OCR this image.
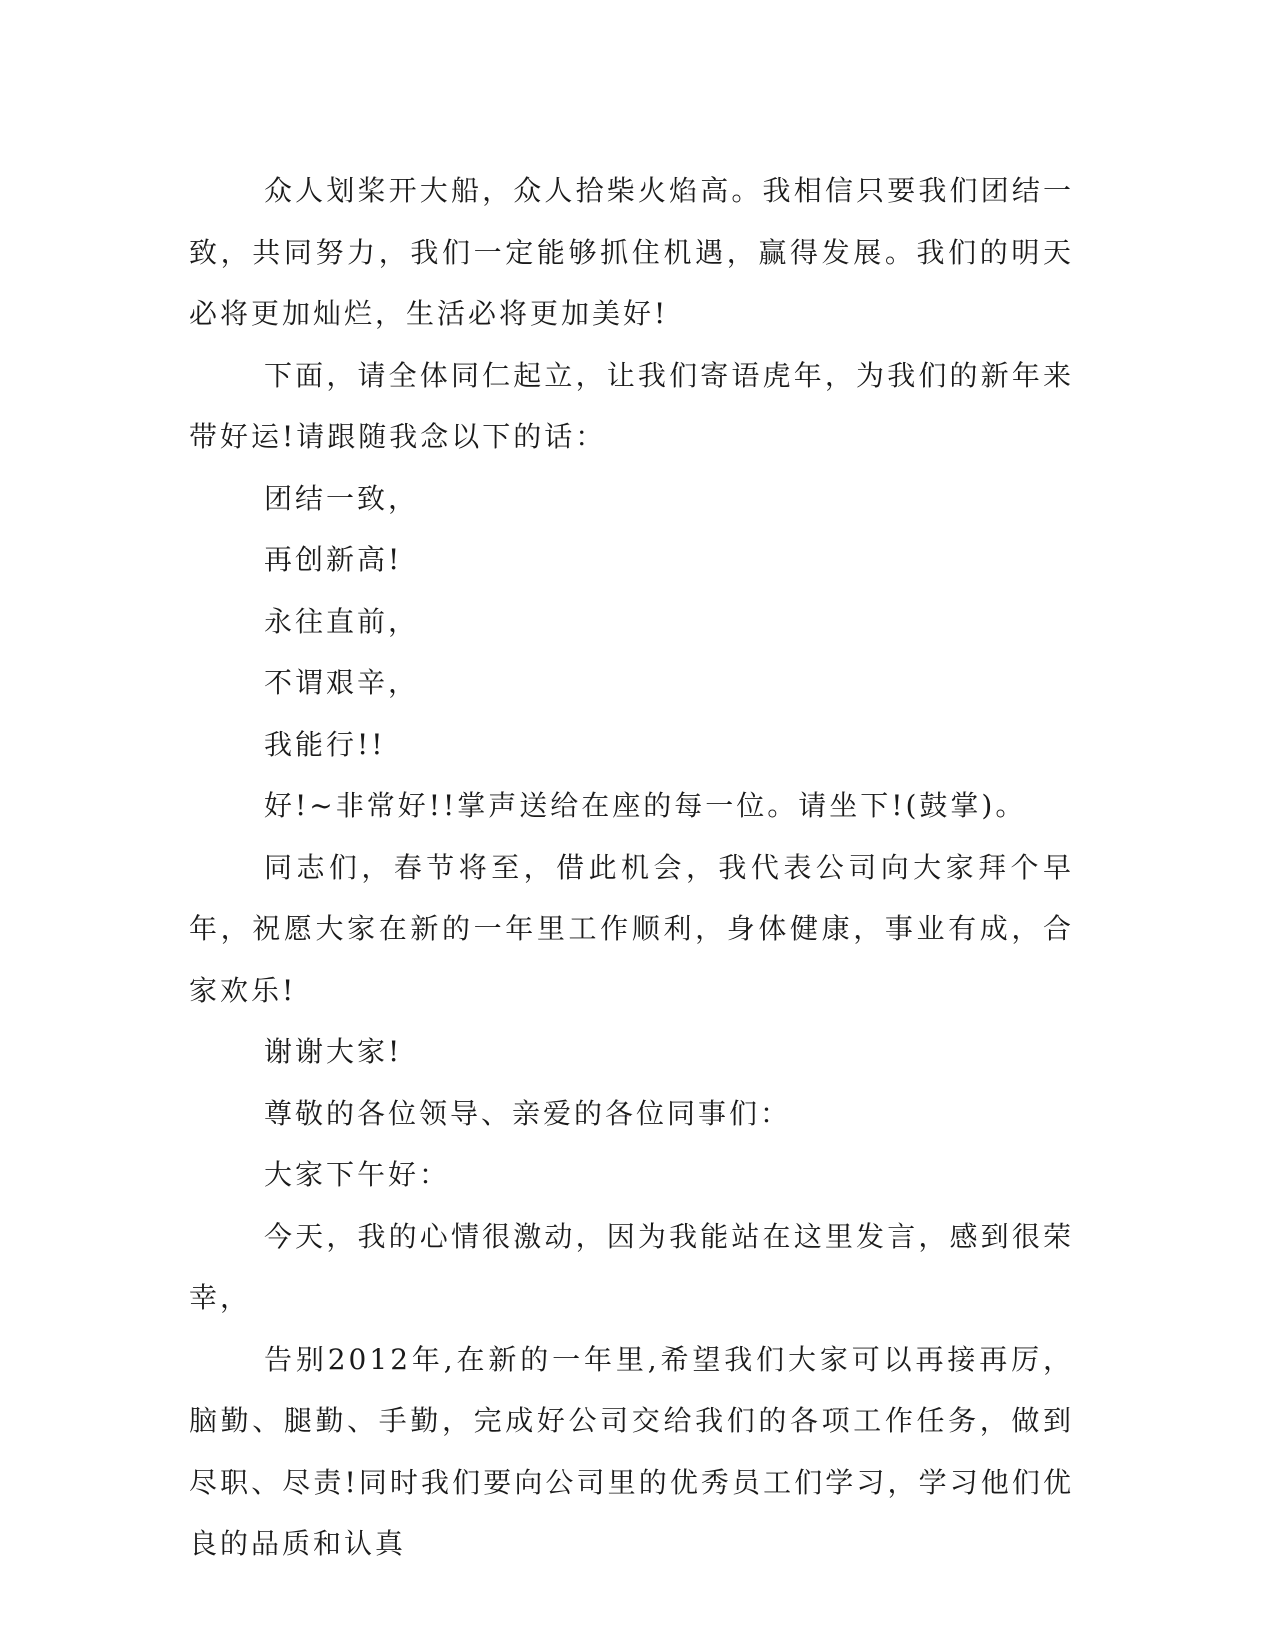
众人划桨开大船，众人拾柴火焰高。我相信只要我们团结一致，共同努力，我们一定能够抓住机遇，赢得发展。我们的明天必将更加灿烂，生活必将更加美好!

下面，请全体同仁起立，让我们寄语虎年，为我们的新年来带好运!请跟随我念以下的话：

团结一致，

再创新高!

永往直前，

不谓艰辛，

我能行!!

好!~非常好!!掌声送给在座的每一位。请坐下!(鼓掌)。

同志们，春节将至，借此机会，我代表公司向大家拜个早年，祝愿大家在新的一年里工作顺利，身体健康，事业有成，合家欢乐!

谢谢大家!

尊敬的各位领导、亲爱的各位同事们：

大家下午好：

今天，我的心情很激动，因为我能站在这里发言，感到很荣幸，

告别2012年,在新的一年里,希望我们大家可以再接再厉，脑勤、腿勤、手勤，完成好公司交给我们的各项工作任务，做到尽职、尽责!同时我们要向公司里的优秀员工们学习，学习他们优良的品质和认真
